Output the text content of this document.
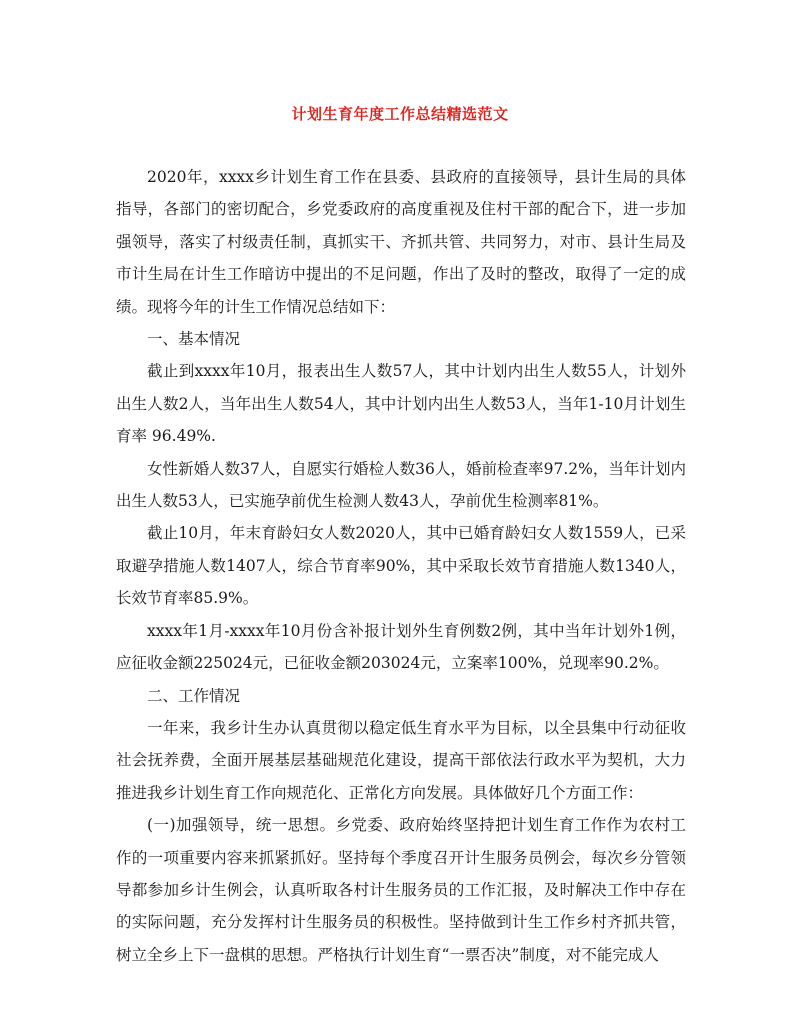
计划生育年度工作总结精选范文

2020年，xxxx乡计划生育工作在县委、县政府的直接领导，县计生局的具体指导，各部门的密切配合，乡党委政府的高度重视及住村干部的配合下，进一步加强领导，落实了村级责任制，真抓实干、齐抓共管、共同努力，对市、县计生局及市计生局在计生工作暗访中提出的不足问题，作出了及时的整改，取得了一定的成绩。现将今年的计生工作情况总结如下：

一、基本情况

截止到xxxx年10月，报表出生人数57人，其中计划内出生人数55人，计划外出生人数2人，当年出生人数54人，其中计划内出生人数53人，当年1-10月计划生育率 96.49%.

女性新婚人数37人，自愿实行婚检人数36人，婚前检查率97.2%，当年计划内出生人数53人，已实施孕前优生检测人数43人，孕前优生检测率81%。

截止10月，年末育龄妇女人数2020人，其中已婚育龄妇女人数1559人，已采取避孕措施人数1407人，综合节育率90%，其中采取长效节育措施人数1340人，长效节育率85.9%。

xxxx年1月-xxxx年10月份含补报计划外生育例数2例，其中当年计划外1例，应征收金额225024元，已征收金额203024元，立案率100%，兑现率90.2%。

二、工作情况

一年来，我乡计生办认真贯彻以稳定低生育水平为目标，以全县集中行动征收社会抚养费，全面开展基层基础规范化建设，提高干部依法行政水平为契机，大力推进我乡计划生育工作向规范化、正常化方向发展。具体做好几个方面工作：

(一)加强领导，统一思想。乡党委、政府始终坚持把计划生育工作作为农村工作的一项重要内容来抓紧抓好。坚持每个季度召开计生服务员例会，每次乡分管领导都参加乡计生例会，认真听取各村计生服务员的工作汇报，及时解决工作中存在的实际问题，充分发挥村计生服务员的积极性。坚持做到计生工作乡村齐抓共管，树立全乡上下一盘棋的思想。严格执行计划生育“一票否决”制度，对不能完成人
